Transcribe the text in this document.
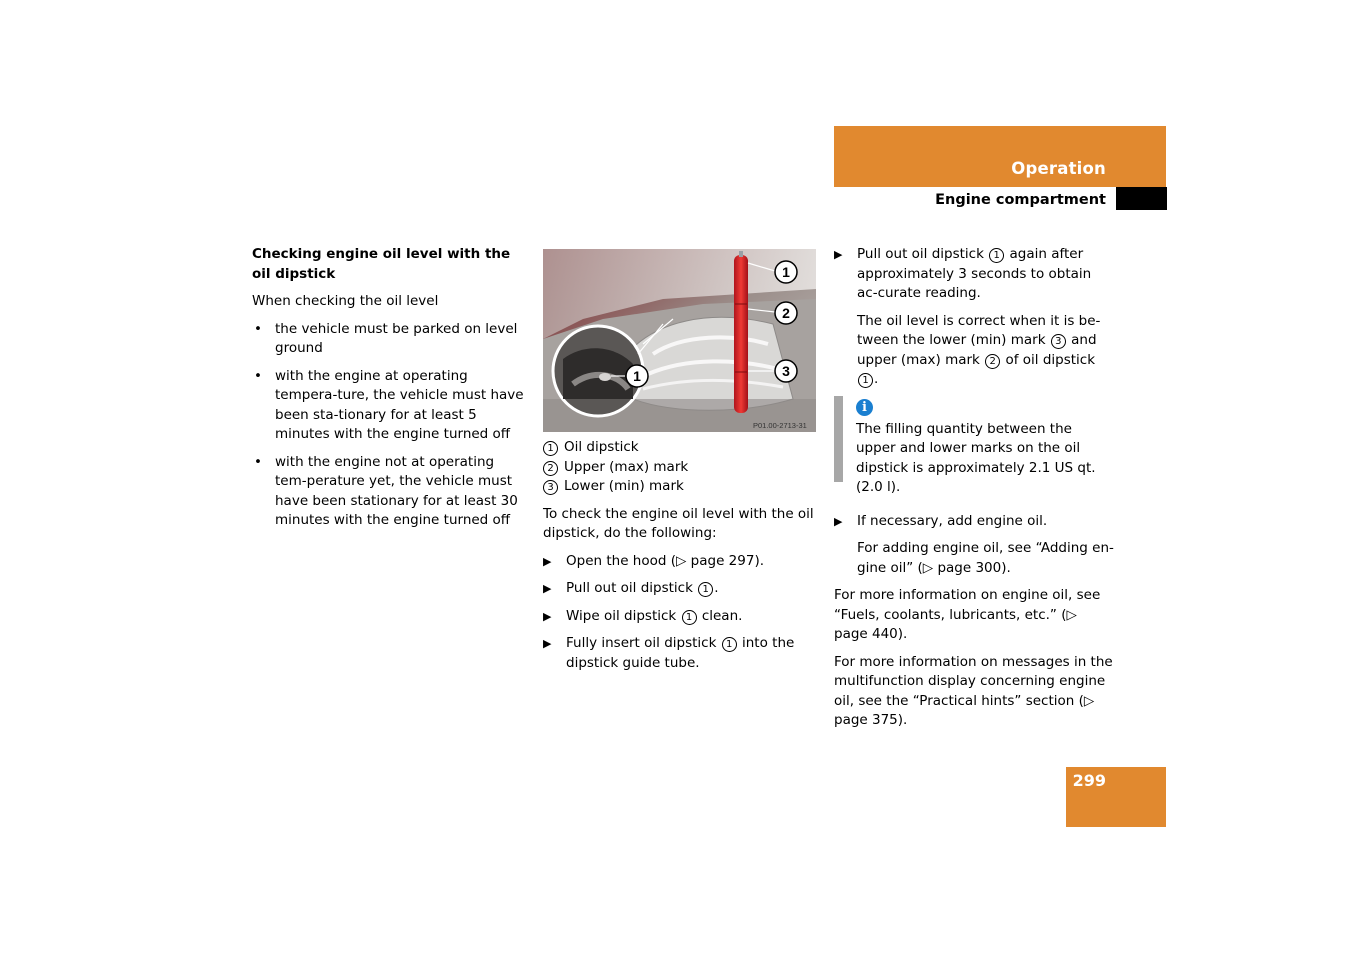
Operation
Engine compartment
Checking engine oil level with the oil dipstick

When checking the oil level

• the vehicle must be parked on level ground
• with the engine at operating tempera-ture, the vehicle must have been sta-tionary for at least 5 minutes with the engine turned off
• with the engine not at operating tem-perature yet, the vehicle must have been stationary for at least 30 minutes with the engine turned off
1
2
3
1
P01.00-2713-31
1 Oil dipstick
2 Upper (max) mark
3 Lower (min) mark

To check the engine oil level with the oil dipstick, do the following:

▶ Open the hood (▷ page 297).
▶ Pull out oil dipstick 1 .
▶ Wipe oil dipstick 1 clean.
▶ Fully insert oil dipstick 1 into the dipstick guide tube.
▶ Pull out oil dipstick 1 again after approximately 3 seconds to obtain ac-curate reading.
The oil level is correct when it is be-tween the lower (min) mark 3 and upper (max) mark 2 of oil dipstick 1 .
i
The filling quantity between the upper and lower marks on the oil dipstick is approximately 2.1 US qt. (2.0 l).
▶ If necessary, add engine oil.
For adding engine oil, see “Adding en-gine oil” (▷ page 300).

For more information on engine oil, see “Fuels, coolants, lubricants, etc.” (▷ page 440).

For more information on messages in the multifunction display concerning engine oil, see the “Practical hints” section (▷ page 375).

299
